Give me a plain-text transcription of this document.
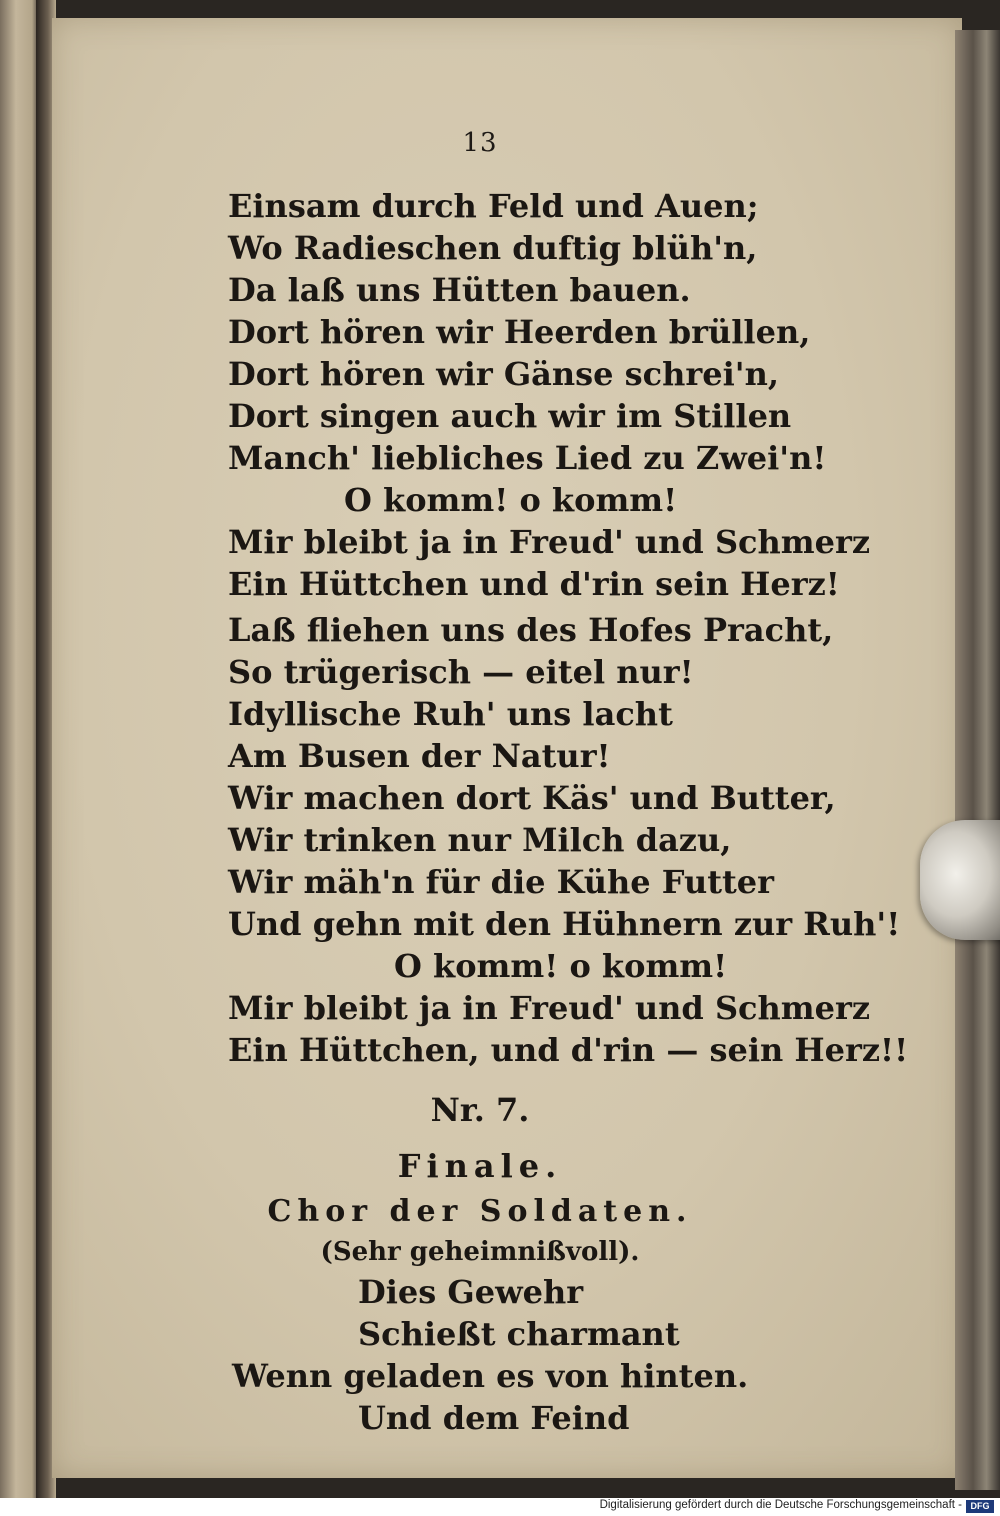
13
Einsam durch Feld und Auen;
Wo Radieschen duftig blüh'n,
Da laß uns Hütten bauen.
Dort hören wir Heerden brüllen,
Dort hören wir Gänse schrei'n,
Dort singen auch wir im Stillen
Manch' liebliches Lied zu Zwei'n!
O komm! o komm!
Mir bleibt ja in Freud' und Schmerz
Ein Hüttchen und d'rin sein Herz!
Laß fliehen uns des Hofes Pracht,
So trügerisch — eitel nur!
Idyllische Ruh' uns lacht
Am Busen der Natur!
Wir machen dort Käs' und Butter,
Wir trinken nur Milch dazu,
Wir mäh'n für die Kühe Futter
Und gehn mit den Hühnern zur Ruh'!
O komm! o komm!
Mir bleibt ja in Freud' und Schmerz
Ein Hüttchen, und d'rin — sein Herz!!
Nr. 7.
Finale.
Chor der Soldaten.
(Sehr geheimnißvoll).
Dies Gewehr
Schießt charmant
Wenn geladen es von hinten.
Und dem Feind
Digitalisierung gefördert durch die Deutsche Forschungsgemeinschaft - DFG
